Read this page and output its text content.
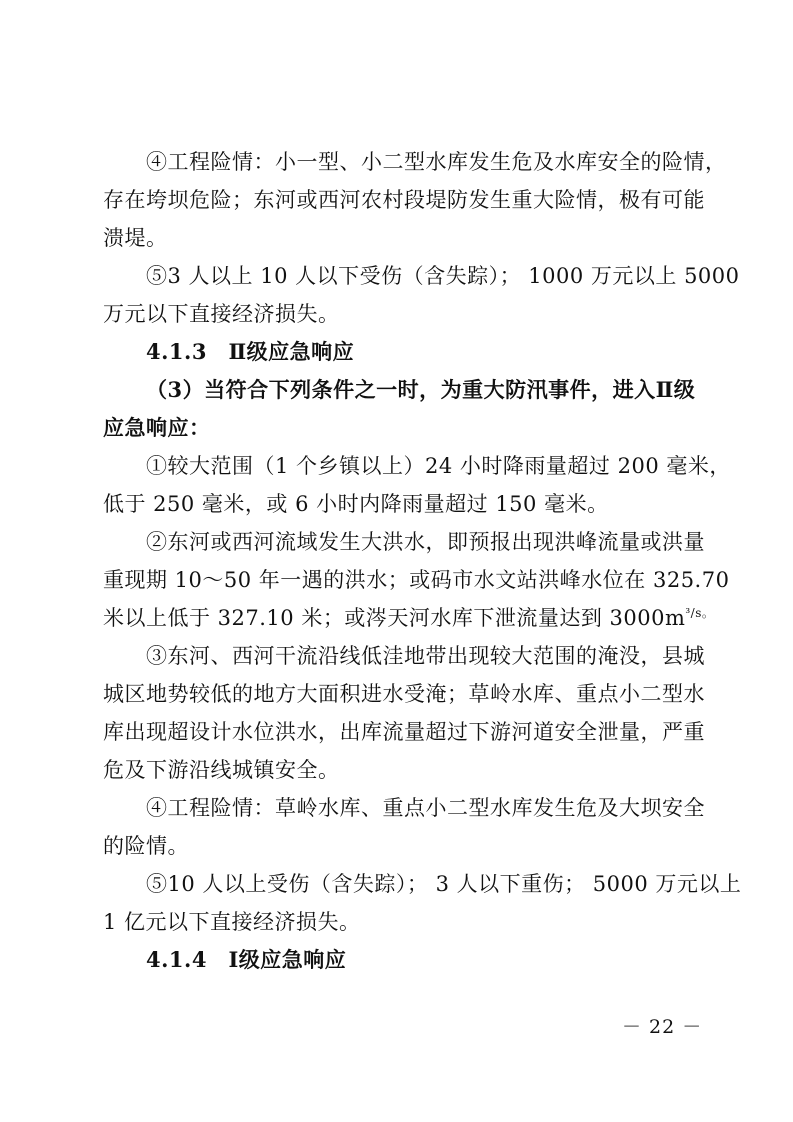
④工程险情：小一型、小二型水库发生危及水库安全的险情，
存在垮坝危险；东河或西河农村段堤防发生重大险情，极有可能
溃堤。
⑤3 人以上 10 人以下受伤（含失踪）； 1000 万元以上 5000
万元以下直接经济损失。
4.1.3　Ⅱ级应急响应
（3）当符合下列条件之一时，为重大防汛事件，进入Ⅱ级
应急响应：
①较大范围（1 个乡镇以上）24 小时降雨量超过 200 毫米，
低于 250 毫米，或 6 小时内降雨量超过 150 毫米。
②东河或西河流域发生大洪水，即预报出现洪峰流量或洪量
重现期 10～50 年一遇的洪水；或码市水文站洪峰水位在 325.70
米以上低于 327.10 米；或涔天河水库下泄流量达到 $3000m^{^3/s。}$
③东河、西河干流沿线低洼地带出现较大范围的淹没，县城
城区地势较低的地方大面积进水受淹；草岭水库、重点小二型水
库出现超设计水位洪水，出库流量超过下游河道安全泄量，严重
危及下游沿线城镇安全。
④工程险情：草岭水库、重点小二型水库发生危及大坝安全
的险情。
⑤10 人以上受伤（含失踪）； 3 人以下重伤； 5000 万元以上
1 亿元以下直接经济损失。
4.1.4　Ⅰ级应急响应
－ 22 －
